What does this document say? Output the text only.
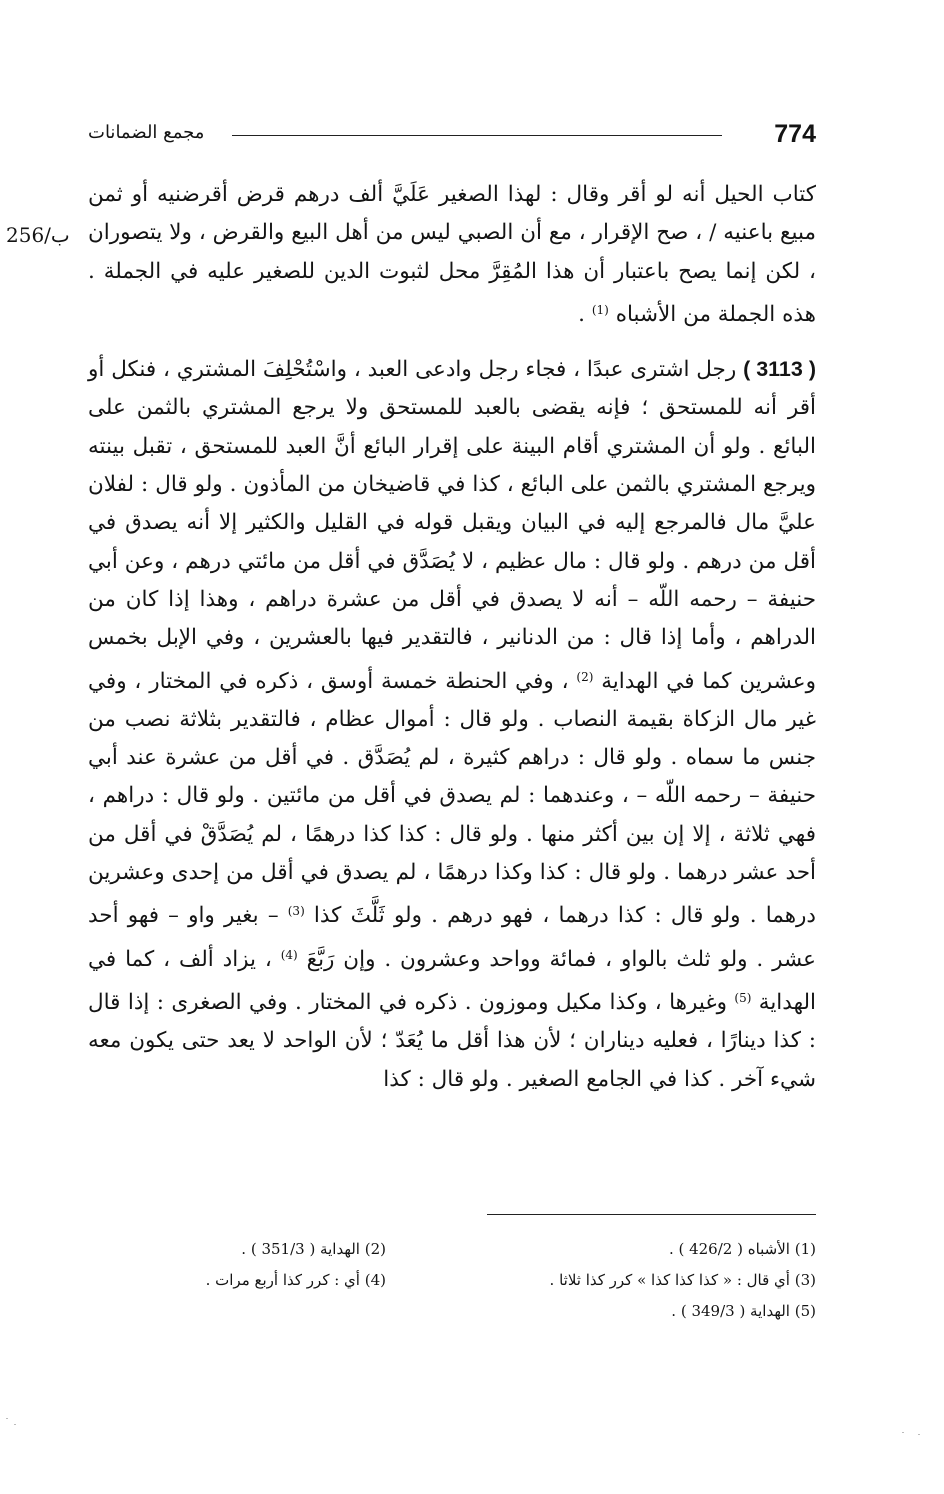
774
مجمع الضمانات
256/ب

كتاب الحيل أنه لو أقر وقال : لهذا الصغير عَلَيَّ ألف درهم قرض أقرضنيه أو ثمن مبيع باعنيه / ، صح الإقرار ، مع أن الصبي ليس من أهل البيع والقرض ، ولا يتصوران ، لكن إنما يصح باعتبار أن هذا المُقِرَّ محل لثبوت الدين للصغير عليه في الجملة . هذه الجملة من الأشباه $^{(1)}$ .

( 3113 ) رجل اشترى عبدًا ، فجاء رجل وادعى العبد ، واسْتُحْلِفَ المشتري ، فنكل أو أقر أنه للمستحق ؛ فإنه يقضى بالعبد للمستحق ولا يرجع المشتري بالثمن على البائع . ولو أن المشتري أقام البينة على إقرار البائع أنَّ العبد للمستحق ، تقبل بينته ويرجع المشتري بالثمن على البائع ، كذا في قاضيخان من المأذون . ولو قال : لفلان عليَّ مال فالمرجع إليه في البيان ويقبل قوله في القليل والكثير إلا أنه يصدق في أقل من درهم . ولو قال : مال عظيم ، لا يُصَدَّق في أقل من مائتي درهم ، وعن أبي حنيفة – رحمه اللّه – أنه لا يصدق في أقل من عشرة دراهم ، وهذا إذا كان من الدراهم ، وأما إذا قال : من الدنانير ، فالتقدير فيها بالعشرين ، وفي الإبل بخمس وعشرين كما في الهداية $^{(2)}$ ، وفي الحنطة خمسة أوسق ، ذكره في المختار ، وفي غير مال الزكاة بقيمة النصاب . ولو قال : أموال عظام ، فالتقدير بثلاثة نصب من جنس ما سماه . ولو قال : دراهم كثيرة ، لم يُصَدَّق . في أقل من عشرة عند أبي حنيفة – رحمه اللّه – ، وعندهما : لم يصدق في أقل من مائتين . ولو قال : دراهم ، فهي ثلاثة ، إلا إن بين أكثر منها . ولو قال : كذا كذا درهمًا ، لم يُصَدَّقْ في أقل من أحد عشر درهما . ولو قال : كذا وكذا درهمًا ، لم يصدق في أقل من إحدى وعشرين درهما . ولو قال : كذا درهما ، فهو درهم . ولو ثَلَّثَ كذا $^{(3)}$ – بغير واو – فهو أحد عشر . ولو ثلث بالواو ، فمائة وواحد وعشرون . وإن رَبَّعَ $^{(4)}$ ، يزاد ألف ، كما في الهداية $^{(5)}$ وغيرها ، وكذا مكيل وموزون . ذكره في المختار . وفي الصغرى : إذا قال : كذا دينارًا ، فعليه ديناران ؛ لأن هذا أقل ما يُعَدّ ؛ لأن الواحد لا يعد حتى يكون معه شيء آخر . كذا في الجامع الصغير . ولو قال : كذا

(1) الأشباه ( 426/2 ) .
(2) الهداية ( 351/3 ) .
(3) أي قال : « كذا كذا كذا » كرر كذا ثلاثا .
(4) أي : كرر كذا أربع مرات .
(5) الهداية ( 349/3 ) .
